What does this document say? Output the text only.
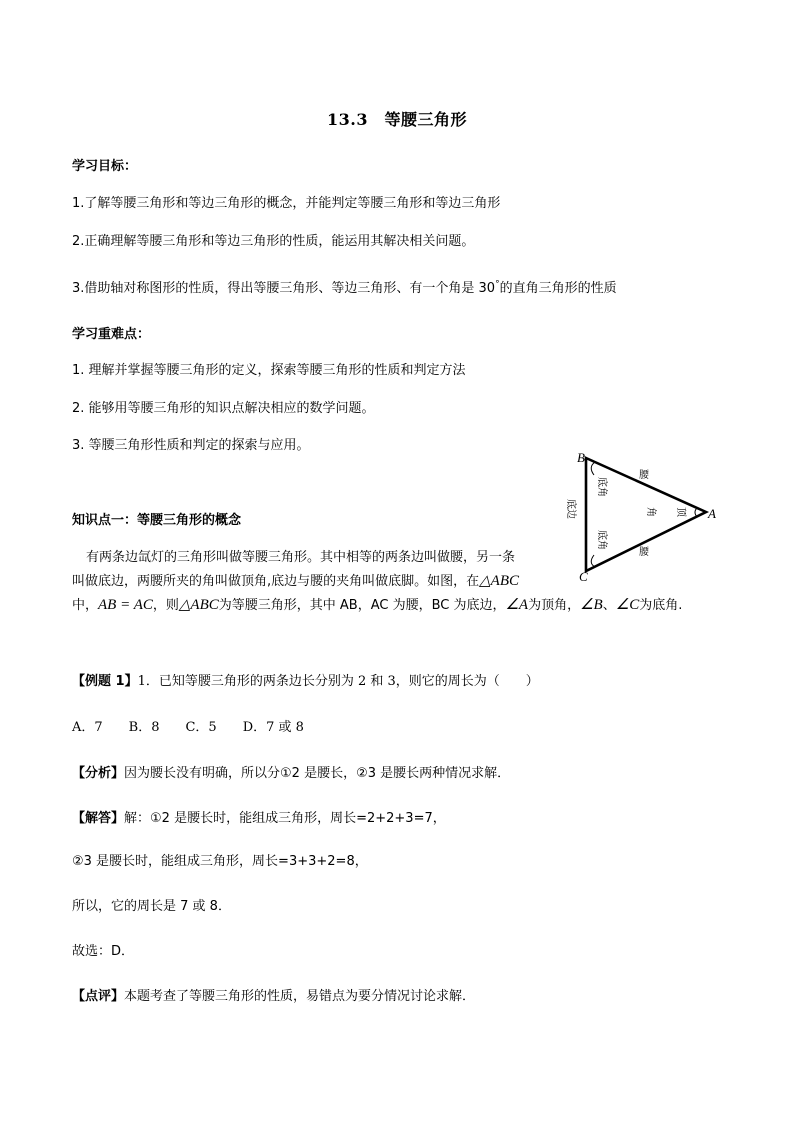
13.3　等腰三角形
学习目标：
1.了解等腰三角形和等边三角形的概念，并能判定等腰三角形和等边三角形
2.正确理解等腰三角形和等边三角形的性质，能运用其解决相关问题。
3.借助轴对称图形的性质，得出等腰三角形、等边三角形、有一个角是 30°的直角三角形的性质
学习重难点：
1. 理解并掌握等腰三角形的定义，探索等腰三角形的性质和判定方法
2. 能够用等腰三角形的知识点解决相应的数学问题。
3. 等腰三角形性质和判定的探索与应用。
B
A
C
腰
腰
底角
底角
底边	顶
角
知识点一：等腰三角形的概念
有两条边氙灯的三角形叫做等腰三角形。其中相等的两条边叫做腰，另一条
叫做底边，两腰所夹的角叫做顶角,底边与腰的夹角叫做底脚。如图，在△ABC
中，AB = AC，则△ABC为等腰三角形，其中 AB，AC 为腰，BC 为底边，∠A为顶角，∠B、∠C为底角.
【例题 1】1．已知等腰三角形的两条边长分别为 2 和 3，则它的周长为（　　）
A．7　　B．8　　C．5　　D．7 或 8
【分析】因为腰长没有明确，所以分①2 是腰长，②3 是腰长两种情况求解．
【解答】解：①2 是腰长时，能组成三角形，周长=2+2+3=7，
②3 是腰长时，能组成三角形，周长=3+3+2=8，
所以，它的周长是 7 或 8．
故选：D．
【点评】本题考查了等腰三角形的性质，易错点为要分情况讨论求解．
